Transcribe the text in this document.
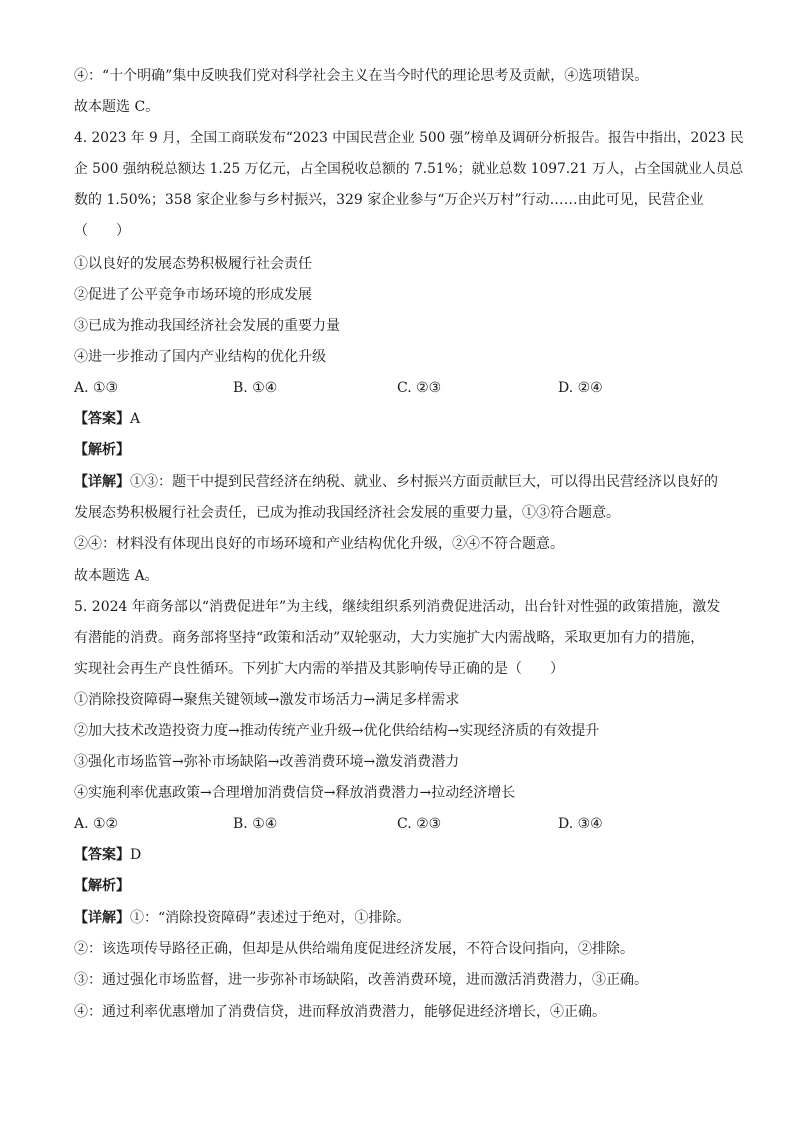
④：“十个明确”集中反映我们党对科学社会主义在当今时代的理论思考及贡献，④选项错误。
故本题选 C。
4. 2023 年 9 月，全国工商联发布“2023 中国民营企业 500 强”榜单及调研分析报告。报告中指出，2023 民
企 500 强纳税总额达 1.25 万亿元，占全国税收总额的 7.51%；就业总数 1097.21 万人，占全国就业人员总
数的 1.50%；358 家企业参与乡村振兴，329 家企业参与“万企兴万村”行动……由此可见，民营企业
（　　）
①以良好的发展态势积极履行社会责任
②促进了公平竞争市场环境的形成发展
③已成为推动我国经济社会发展的重要力量
④进一步推动了国内产业结构的优化升级
A. ①③	B. ①④	C. ②③	D. ②④
【答案】A
【解析】
【详解】①③：题干中提到民营经济在纳税、就业、乡村振兴方面贡献巨大，可以得出民营经济以良好的
发展态势积极履行社会责任，已成为推动我国经济社会发展的重要力量，①③符合题意。
②④：材料没有体现出良好的市场环境和产业结构优化升级，②④不符合题意。
故本题选 A。
5. 2024 年商务部以“消费促进年”为主线，继续组织系列消费促进活动，出台针对性强的政策措施，激发
有潜能的消费。商务部将坚持“政策和活动”双轮驱动，大力实施扩大内需战略，采取更加有力的措施，
实现社会再生产良性循环。下列扩大内需的举措及其影响传导正确的是（　　）
①消除投资障碍→聚焦关键领域→激发市场活力→满足多样需求
②加大技术改造投资力度→推动传统产业升级→优化供给结构→实现经济质的有效提升
③强化市场监管→弥补市场缺陷→改善消费环境→激发消费潜力
④实施利率优惠政策→合理增加消费信贷→释放消费潜力→拉动经济增长
A. ①②	B. ①④	C. ②③	D. ③④
【答案】D
【解析】
【详解】①：“消除投资障碍”表述过于绝对，①排除。
②：该选项传导路径正确，但却是从供给端角度促进经济发展，不符合设问指向，②排除。
③：通过强化市场监督，进一步弥补市场缺陷，改善消费环境，进而激活消费潜力，③正确。
④：通过利率优惠增加了消费信贷，进而释放消费潜力，能够促进经济增长，④正确。
